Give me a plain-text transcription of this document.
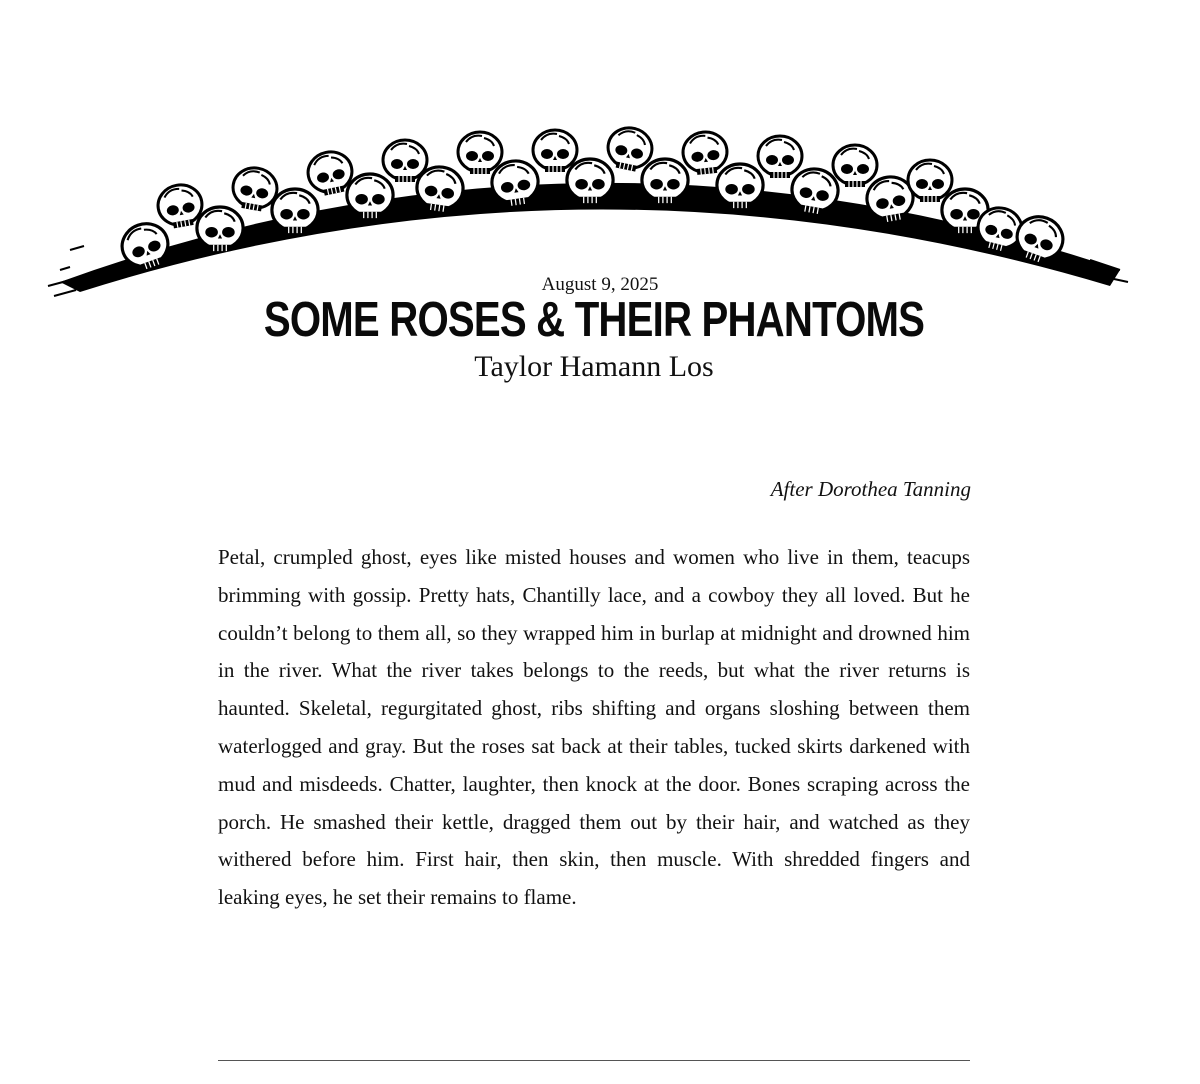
August 9, 2025
SOME ROSES & THEIR PHANTOMS
Taylor Hamann Los
After Dorothea Tanning
Petal, crumpled ghost, eyes like misted houses and women who live in them, teacups brimming with gossip. Pretty hats, Chantilly lace, and a cowboy they all loved. But he couldn’t belong to them all, so they wrapped him in burlap at midnight and drowned him in the river. What the river takes belongs to the reeds, but what the river returns is haunted. Skeletal, regurgitated ghost, ribs shifting and organs sloshing between them waterlogged and gray. But the roses sat back at their tables, tucked skirts darkened with mud and misdeeds. Chatter, laughter, then knock at the door. Bones scraping across the porch. He smashed their kettle, dragged them out by their hair, and watched as they withered before him. First hair, then skin, then muscle. With shredded fingers and leaking eyes, he set their remains to flame.
